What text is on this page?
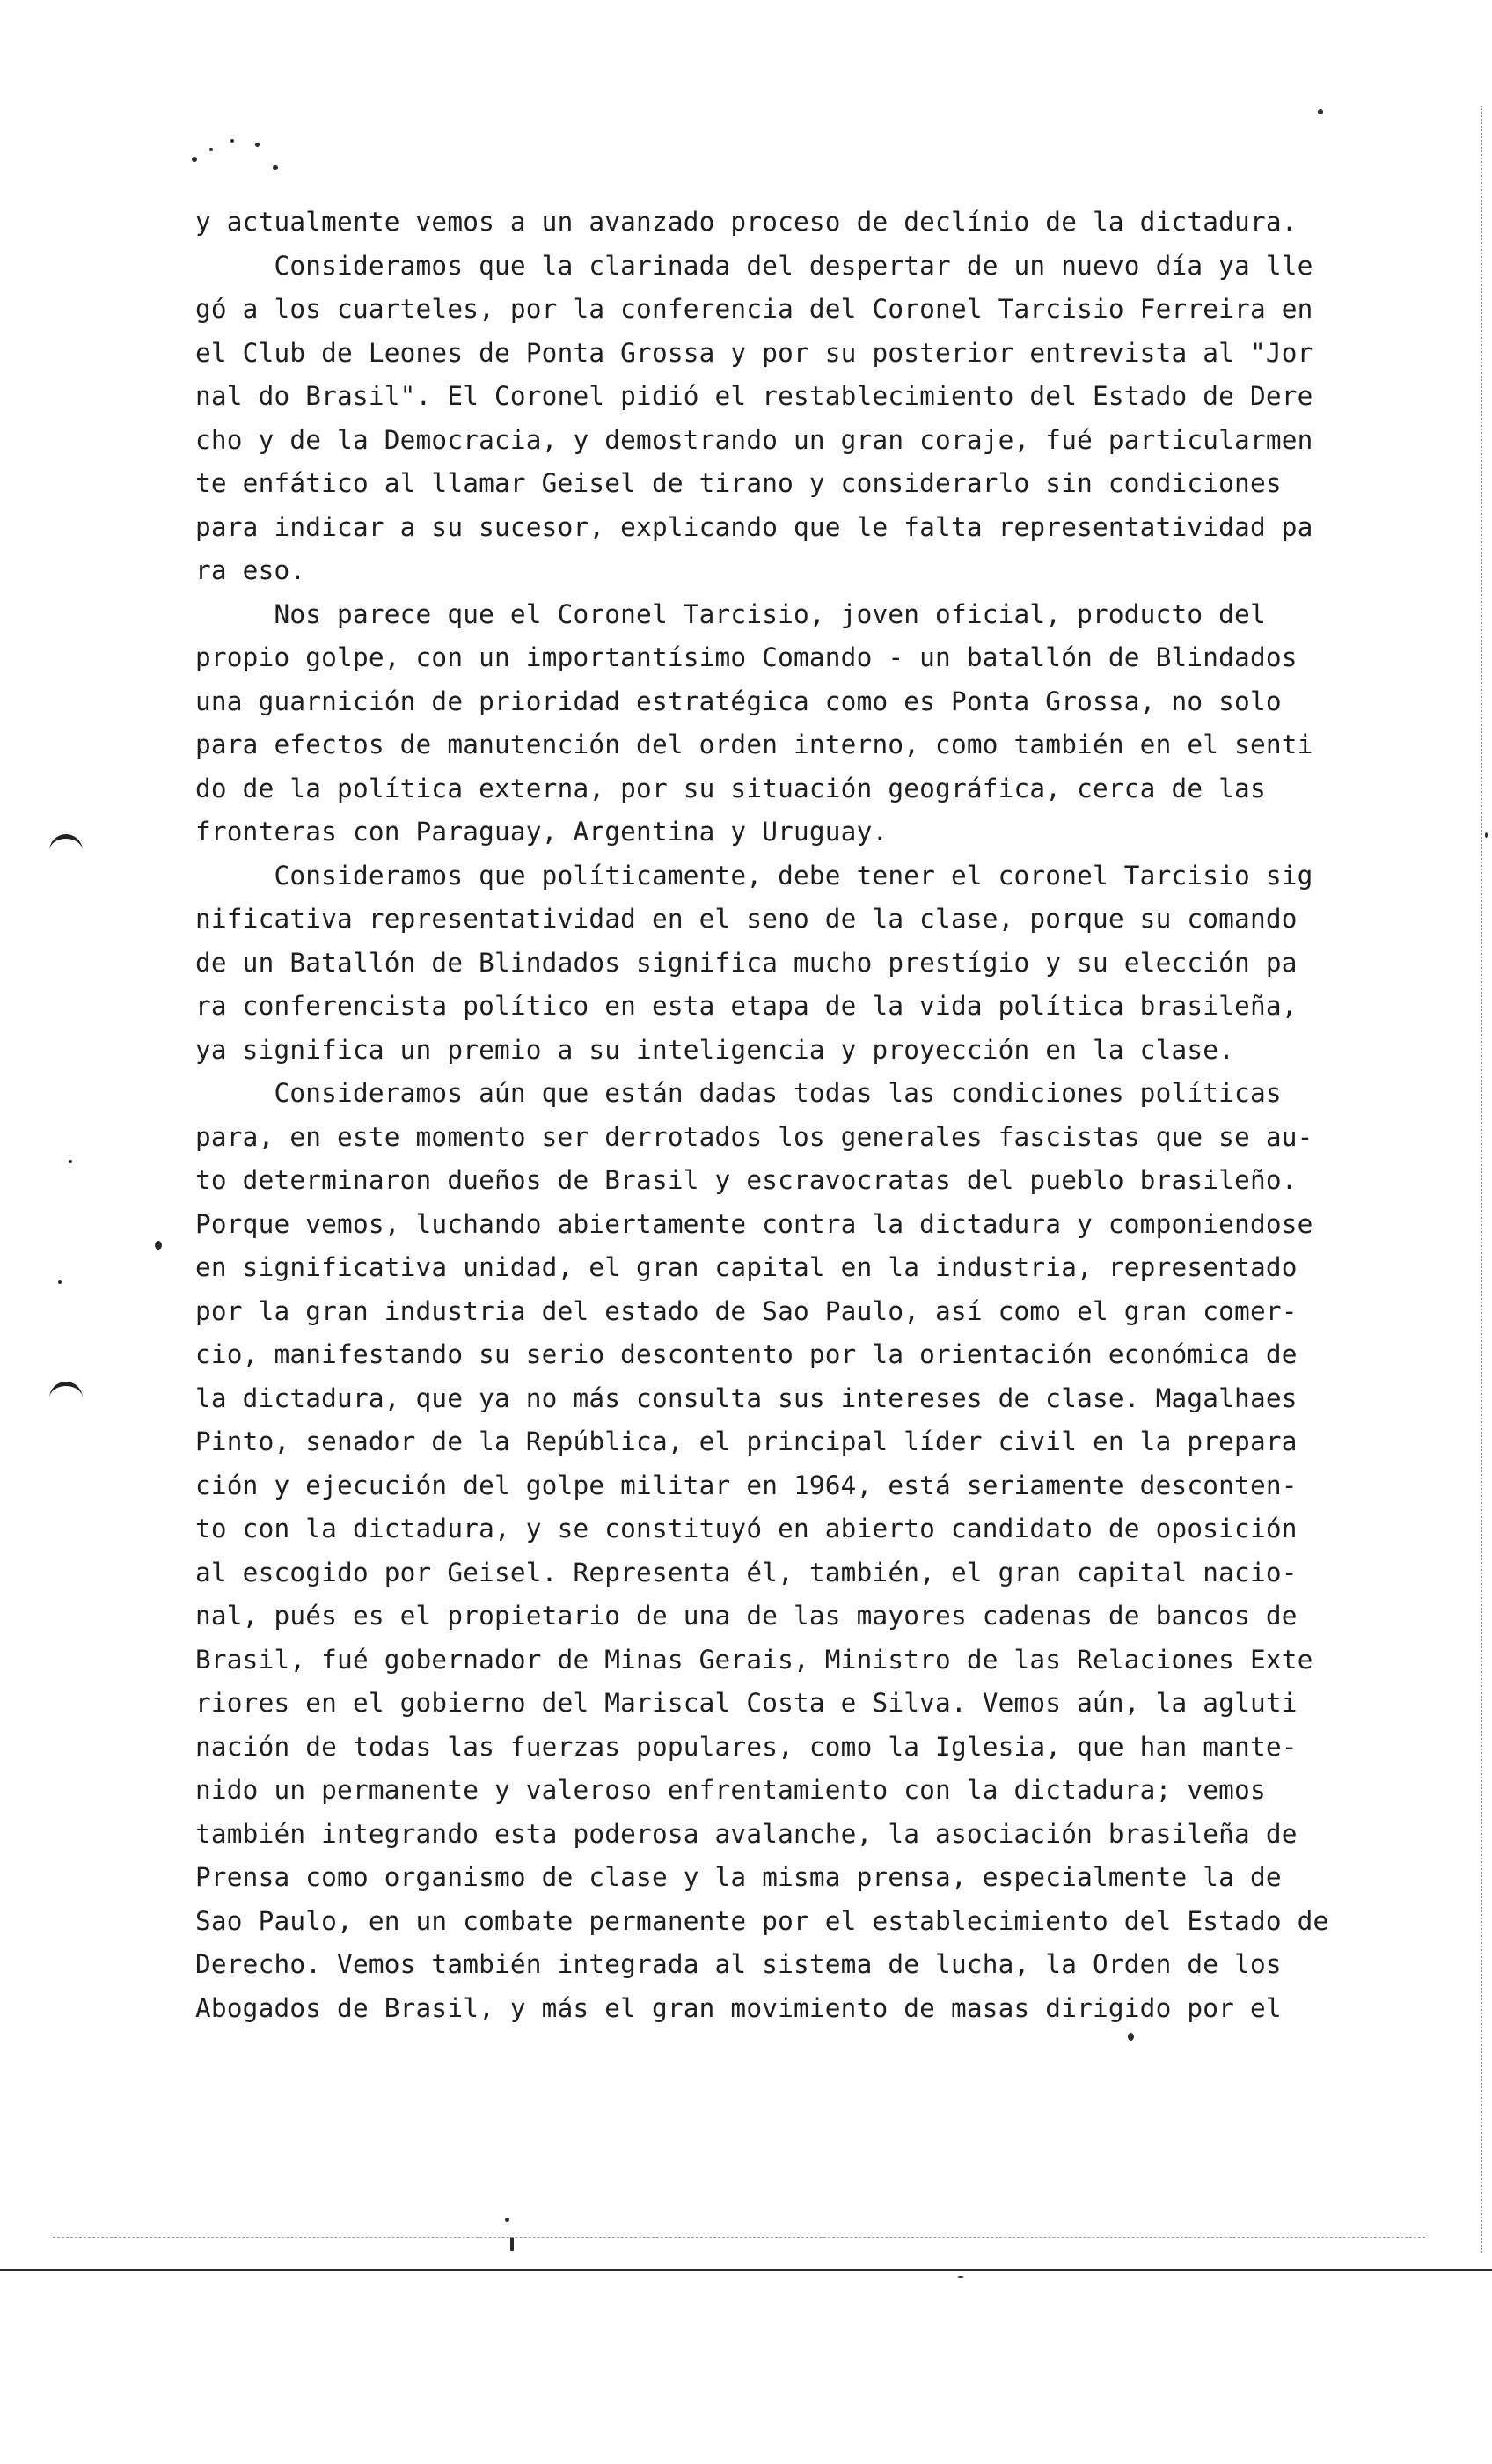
y actualmente vemos a un avanzado proceso de declínio de la dictadura.
Consideramos que la clarinada del despertar de un nuevo día ya lle
gó a los cuarteles, por la conferencia del Coronel Tarcisio Ferreira en
el Club de Leones de Ponta Grossa y por su posterior entrevista al "Jor
nal do Brasil". El Coronel pidió el restablecimiento del Estado de Dere
cho y de la Democracia, y demostrando un gran coraje, fué particularmen
te enfático al llamar Geisel de tirano y considerarlo sin condiciones
para indicar a su sucesor, explicando que le falta representatividad pa
ra eso.
Nos parece que el Coronel Tarcisio, joven oficial, producto del
propio golpe, con un importantísimo Comando - un batallón de Blindados
una guarnición de prioridad estratégica como es Ponta Grossa, no solo
para efectos de manutención del orden interno, como también en el senti
do de la política externa, por su situación geográfica, cerca de las
fronteras con Paraguay, Argentina y Uruguay.
Consideramos que políticamente, debe tener el coronel Tarcisio sig
nificativa representatividad en el seno de la clase, porque su comando
de un Batallón de Blindados significa mucho prestígio y su elección pa
ra conferencista político en esta etapa de la vida política brasileña,
ya significa un premio a su inteligencia y proyección en la clase.
Consideramos aún que están dadas todas las condiciones políticas
para, en este momento ser derrotados los generales fascistas que se au-
to determinaron dueños de Brasil y escravocratas del pueblo brasileño.
Porque vemos, luchando abiertamente contra la dictadura y componiendose
en significativa unidad, el gran capital en la industria, representado
por la gran industria del estado de Sao Paulo, así como el gran comer-
cio, manifestando su serio descontento por la orientación económica de
la dictadura, que ya no más consulta sus intereses de clase. Magalhaes
Pinto, senador de la República, el principal líder civil en la prepara
ción y ejecución del golpe militar en 1964, está seriamente desconten-
to con la dictadura, y se constituyó en abierto candidato de oposición
al escogido por Geisel. Representa él, también, el gran capital nacio-
nal, pués es el propietario de una de las mayores cadenas de bancos de
Brasil, fué gobernador de Minas Gerais, Ministro de las Relaciones Exte
riores en el gobierno del Mariscal Costa e Silva. Vemos aún, la agluti
nación de todas las fuerzas populares, como la Iglesia, que han mante-
nido un permanente y valeroso enfrentamiento con la dictadura; vemos
también integrando esta poderosa avalanche, la asociación brasileña de
Prensa como organismo de clase y la misma prensa, especialmente la de
Sao Paulo, en un combate permanente por el establecimiento del Estado de
Derecho. Vemos también integrada al sistema de lucha, la Orden de los
Abogados de Brasil, y más el gran movimiento de masas dirigido por el
